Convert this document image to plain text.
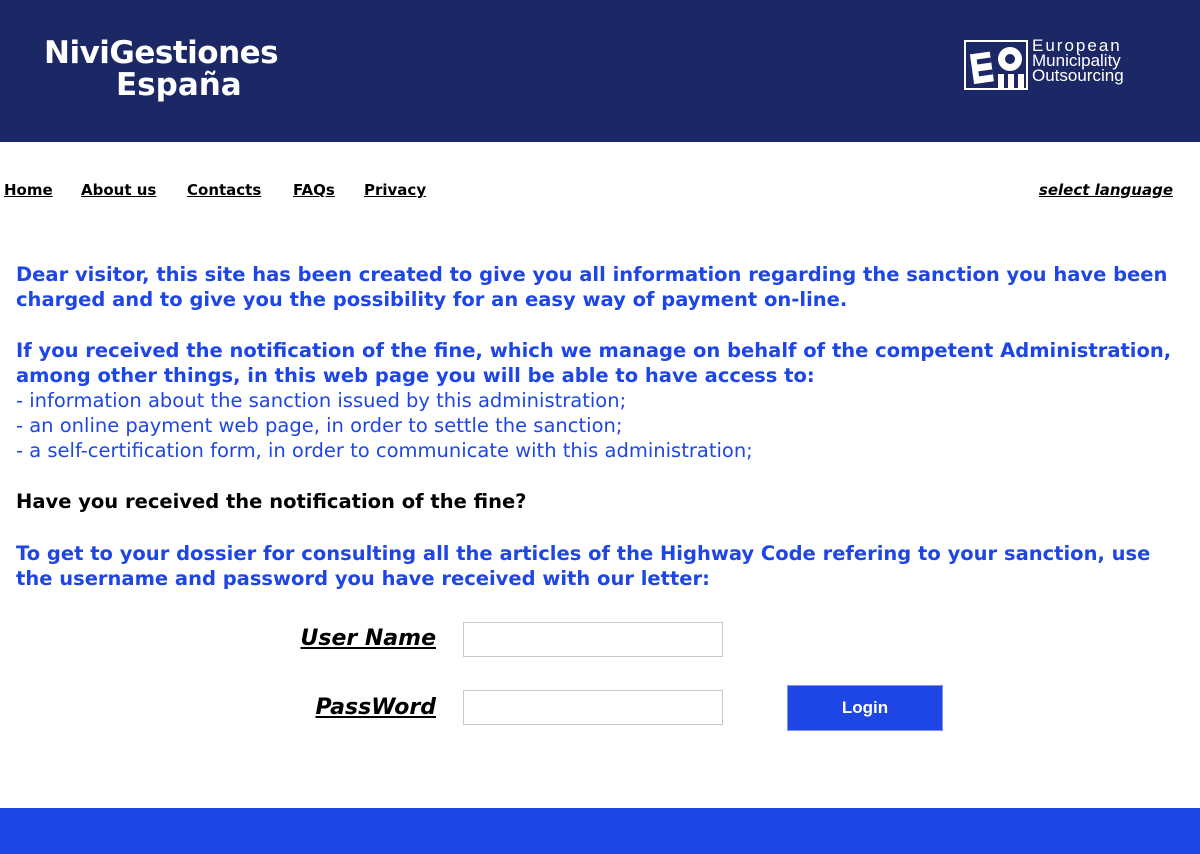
NiviGestiones
España
European
Municipality
Outsourcing
Home About us Contacts FAQs Privacy	select language

Dear visitor, this site has been created to give you all information regarding the sanction you have been charged and to give you the possibility for an easy way of payment on-line.

If you received the notification of the fine, which we manage on behalf of the competent Administration, among other things, in this web page you will be able to have access to:

- information about the sanction issued by this administration;
- an online payment web page, in order to settle the sanction;
- a self-certification form, in order to communicate with this administration;

Have you received the notification of the fine?

To get to your dossier for consulting all the articles of the Highway Code refering to your sanction, use the username and password you have received with our letter:

User Name
PassWord	Login
